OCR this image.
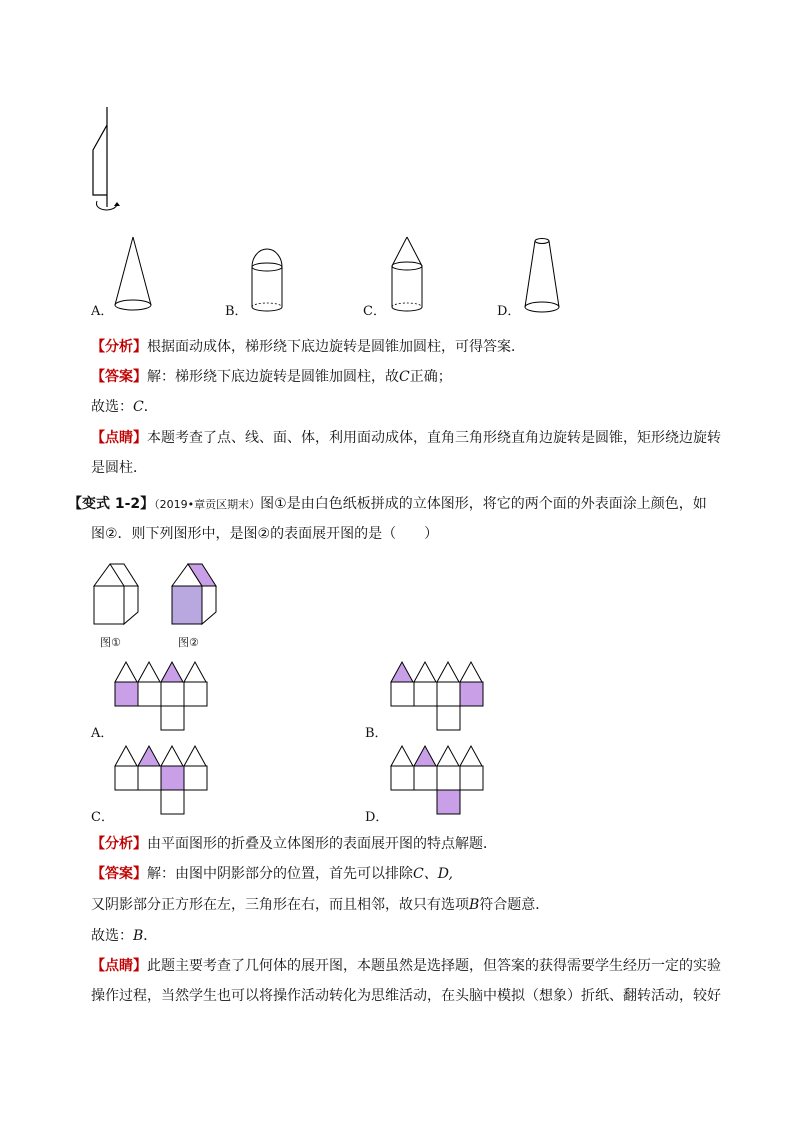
A．	B．	C．	D．
【分析】根据面动成体，梯形绕下底边旋转是圆锥加圆柱，可得答案．
【答案】解：梯形绕下底边旋转是圆锥加圆柱，故C正确；
故选：C．
【点睛】本题考查了点、线、面、体，利用面动成体，直角三角形绕直角边旋转是圆锥，矩形绕边旋转
是圆柱．
【变式 1-2】（2019•章贡区期末）图①是由白色纸板拼成的立体图形，将它的两个面的外表面涂上颜色，如
图②．则下列图形中，是图②的表面展开图的是（　　）
图①	图②
A．	B．
C．	D．
【分析】由平面图形的折叠及立体图形的表面展开图的特点解题．
【答案】解：由图中阴影部分的位置，首先可以排除C、D,
又阴影部分正方形在左，三角形在右，而且相邻，故只有选项B符合题意．
故选：B．
【点睛】此题主要考查了几何体的展开图，本题虽然是选择题，但答案的获得需要学生经历一定的实验
操作过程，当然学生也可以将操作活动转化为思维活动，在头脑中模拟（想象）折纸、翻转活动，较好
